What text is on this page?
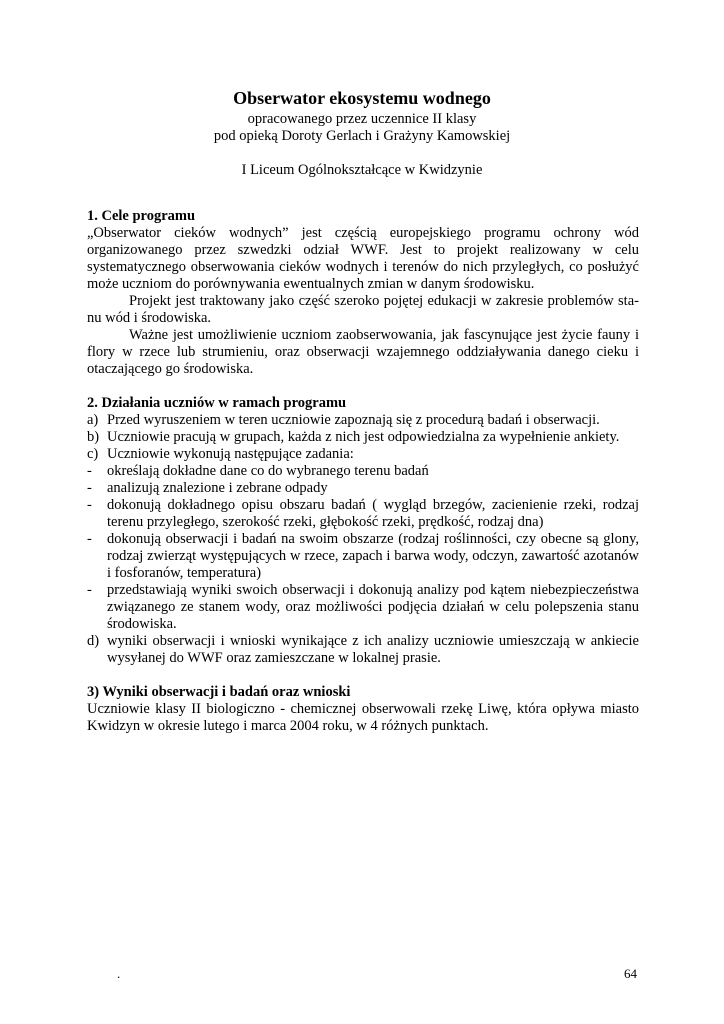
Obserwator ekosystemu wodnego
opracowanego przez uczennice II klasy
pod opieką Doroty Gerlach i Grażyny Kamowskiej
I Liceum Ogólnokształcące w Kwidzynie

1. Cele programu

„Obserwator cieków wodnych” jest częścią europejskiego programu ochrony wód organizowanego przez szwedzki odział WWF. Jest to projekt realizowany w celu systematycznego obserwowania cieków wodnych i terenów do nich przyległych, co posłużyć może uczniom do porównywania ewentualnych zmian w danym środowisku.

Projekt jest traktowany jako część szeroko pojętej edukacji w zakresie problemów stanu wód i środowiska.

Ważne jest umożliwienie uczniom zaobserwowania, jak fascynujące jest życie fauny i flory w rzece lub strumieniu, oraz obserwacji wzajemnego oddziaływania danego cieku i otaczającego go środowiska.

2. Działania uczniów w ramach programu

a) Przed wyruszeniem w teren uczniowie zapoznają się z procedurą badań i obserwacji.

b) Uczniowie pracują w grupach, każda z nich jest odpowiedzialna za wypełnienie ankiety.

c) Uczniowie wykonują następujące zadania:

- określają dokładne dane co do wybranego terenu badań

- analizują znalezione i zebrane odpady

- dokonują dokładnego opisu obszaru badań ( wygląd brzegów, zacienienie rzeki, rodzaj terenu przyległego, szerokość rzeki, głębokość rzeki, prędkość, rodzaj dna)

- dokonują obserwacji i badań na swoim obszarze (rodzaj roślinności, czy obecne są glony, rodzaj zwierząt występujących w rzece, zapach i barwa wody, odczyn, zawartość azotanów i fosforanów, temperatura)

- przedstawiają wyniki swoich obserwacji i dokonują analizy pod kątem niebezpieczeństwa związanego ze stanem wody, oraz możliwości podjęcia działań w celu polepszenia stanu środowiska.

d) wyniki obserwacji i wnioski wynikające z ich analizy uczniowie umieszczają w ankiecie wysyłanej do WWF oraz zamieszczane w lokalnej prasie.

3) Wyniki obserwacji i badań oraz wnioski

Uczniowie klasy II biologiczno - chemicznej obserwowali rzekę Liwę, która opływa miasto Kwidzyn w okresie lutego i marca 2004 roku, w 4 różnych punktach.

.	64
